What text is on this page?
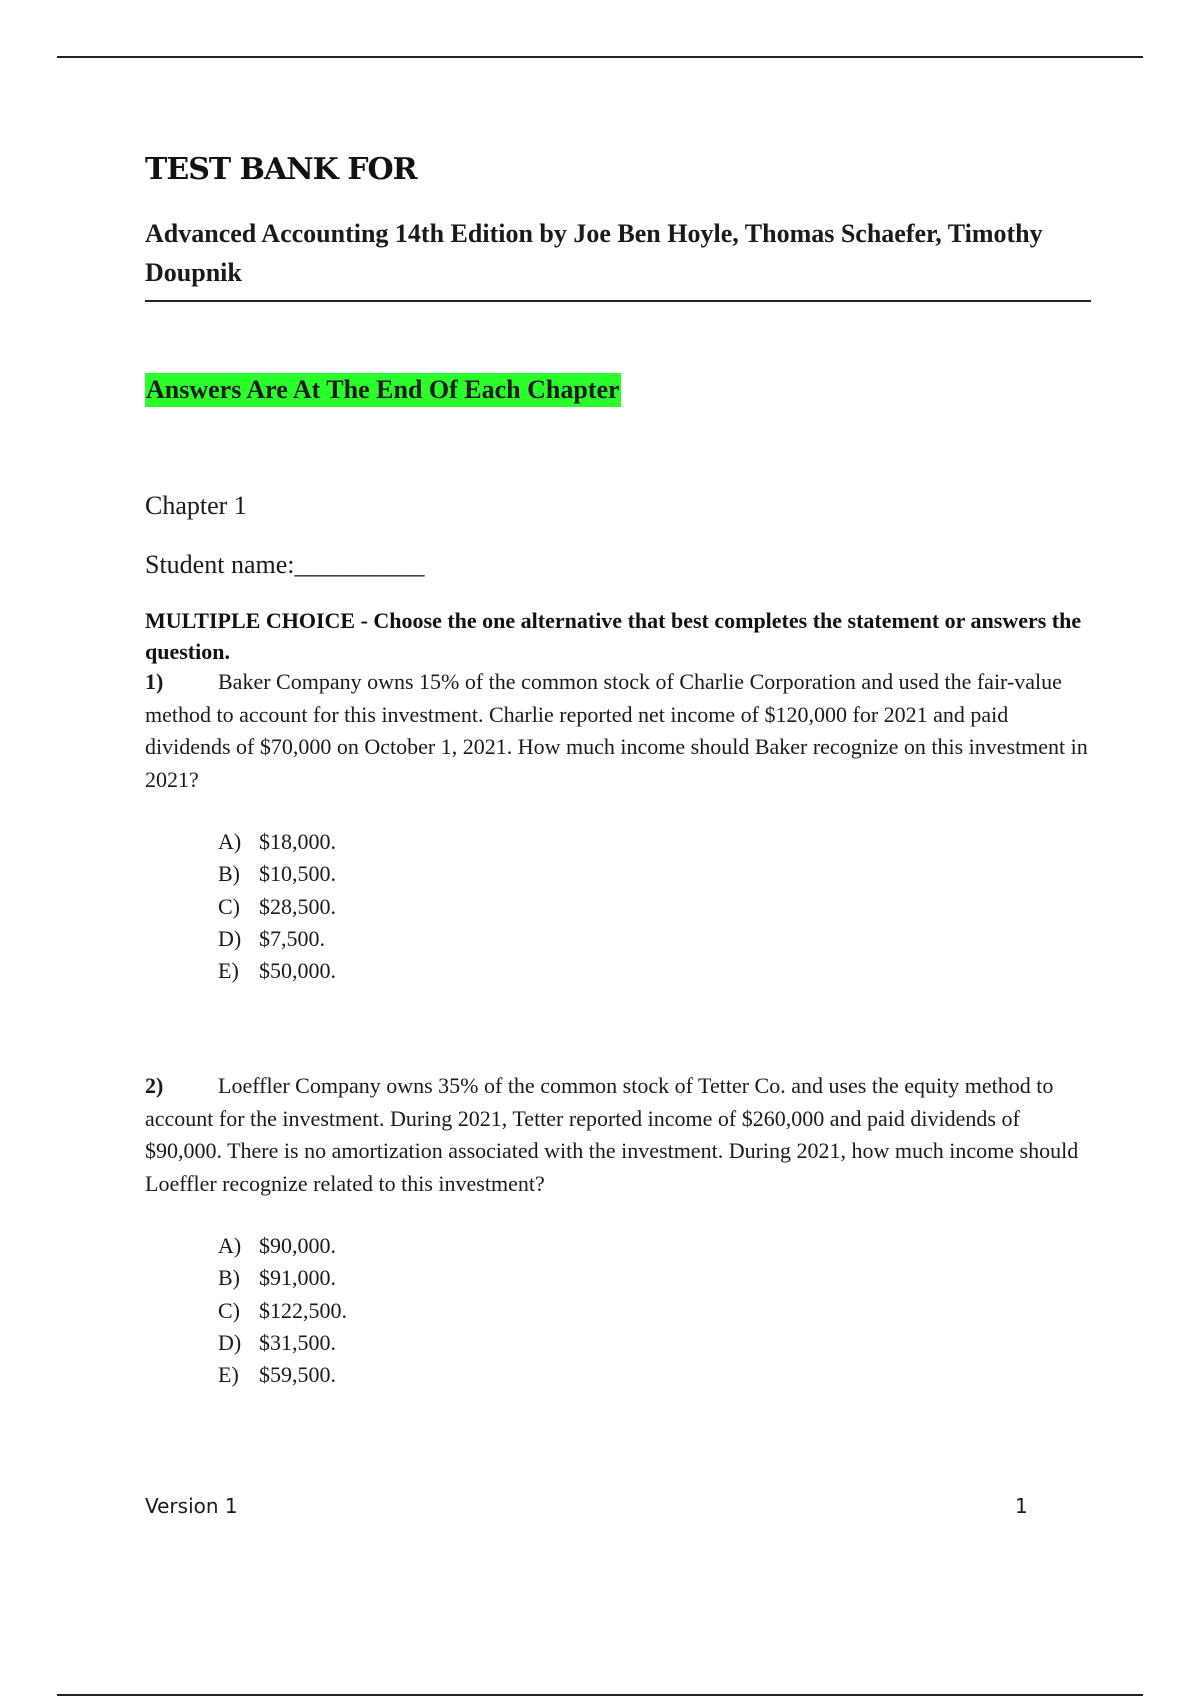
TEST BANK FOR
Advanced Accounting 14th Edition by Joe Ben Hoyle, Thomas Schaefer, Timothy Doupnik

Answers Are At The End Of Each Chapter

Chapter 1

Student name:__________

MULTIPLE CHOICE - Choose the one alternative that best completes the statement or answers the question.

1) Baker Company owns 15% of the common stock of Charlie Corporation and used the fair-value method to account for this investment. Charlie reported net income of $120,000 for 2021 and paid dividends of $70,000 on October 1, 2021. How much income should Baker recognize on this investment in 2021?

A) $18,000.
B) $10,500.
C) $28,500.
D) $7,500.
E) $50,000.

2) Loeffler Company owns 35% of the common stock of Tetter Co. and uses the equity method to account for the investment. During 2021, Tetter reported income of $260,000 and paid dividends of $90,000. There is no amortization associated with the investment. During 2021, how much income should Loeffler recognize related to this investment?

A) $90,000.
B) $91,000.
C) $122,500.
D) $31,500.
E) $59,500.

Version 1	1
